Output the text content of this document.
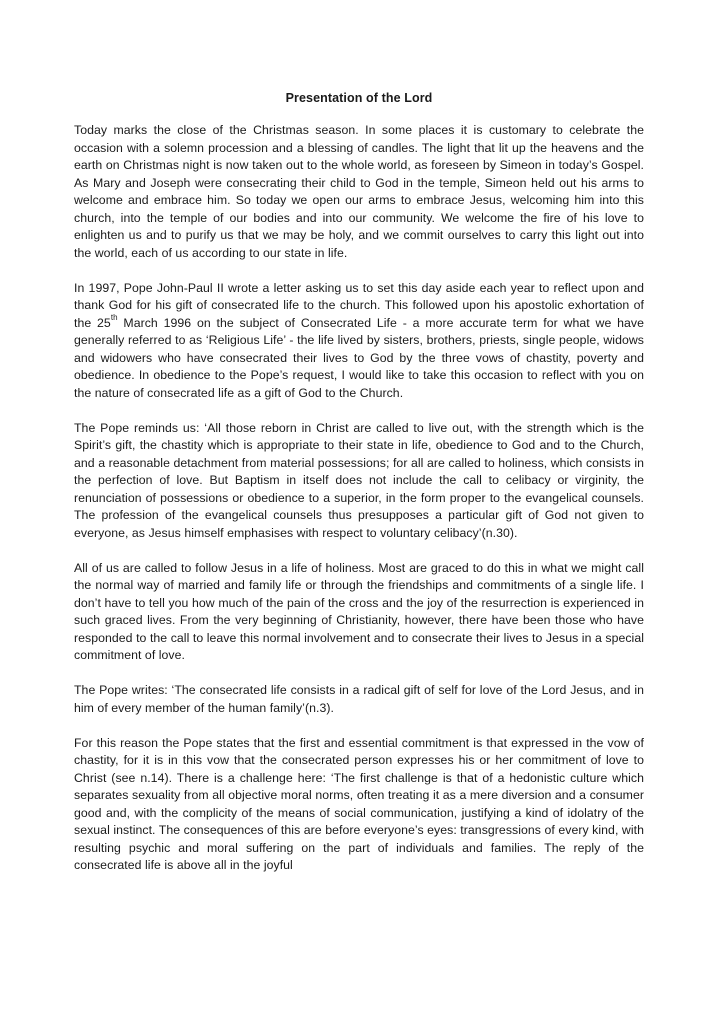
Presentation of the Lord

Today marks the close of the Christmas season. In some places it is customary to celebrate the occasion with a solemn procession and a blessing of candles. The light that lit up the heavens and the earth on Christmas night is now taken out to the whole world, as foreseen by Simeon in today’s Gospel. As Mary and Joseph were consecrating their child to God in the temple, Simeon held out his arms to welcome and embrace him. So today we open our arms to embrace Jesus, welcoming him into this church, into the temple of our bodies and into our community. We welcome the fire of his love to enlighten us and to purify us that we may be holy, and we commit ourselves to carry this light out into the world, each of us according to our state in life.

In 1997, Pope John-Paul II wrote a letter asking us to set this day aside each year to reflect upon and thank God for his gift of consecrated life to the church. This followed upon his apostolic exhortation of the 25th March 1996 on the subject of Consecrated Life - a more accurate term for what we have generally referred to as ‘Religious Life’ - the life lived by sisters, brothers, priests, single people, widows and widowers who have consecrated their lives to God by the three vows of chastity, poverty and obedience. In obedience to the Pope’s request, I would like to take this occasion to reflect with you on the nature of consecrated life as a gift of God to the Church.

The Pope reminds us: ‘All those reborn in Christ are called to live out, with the strength which is the Spirit’s gift, the chastity which is appropriate to their state in life, obedience to God and to the Church, and a reasonable detachment from material possessions; for all are called to holiness, which consists in the perfection of love. But Baptism in itself does not include the call to celibacy or virginity, the renunciation of possessions or obedience to a superior, in the form proper to the evangelical counsels. The profession of the evangelical counsels thus presupposes a particular gift of God not given to everyone, as Jesus himself emphasises with respect to voluntary celibacy’(n.30).

All of us are called to follow Jesus in a life of holiness. Most are graced to do this in what we might call the normal way of married and family life or through the friendships and commitments of a single life. I don’t have to tell you how much of the pain of the cross and the joy of the resurrection is experienced in such graced lives. From the very beginning of Christianity, however, there have been those who have responded to the call to leave this normal involvement and to consecrate their lives to Jesus in a special commitment of love.

The Pope writes: ‘The consecrated life consists in a radical gift of self for love of the Lord Jesus, and in him of every member of the human family’(n.3).

For this reason the Pope states that the first and essential commitment is that expressed in the vow of chastity, for it is in this vow that the consecrated person expresses his or her commitment of love to Christ (see n.14). There is a challenge here: ‘The first challenge is that of a hedonistic culture which separates sexuality from all objective moral norms, often treating it as a mere diversion and a consumer good and, with the complicity of the means of social communication, justifying a kind of idolatry of the sexual instinct. The consequences of this are before everyone’s eyes: transgressions of every kind, with resulting psychic and moral suffering on the part of individuals and families. The reply of the consecrated life is above all in the joyful
